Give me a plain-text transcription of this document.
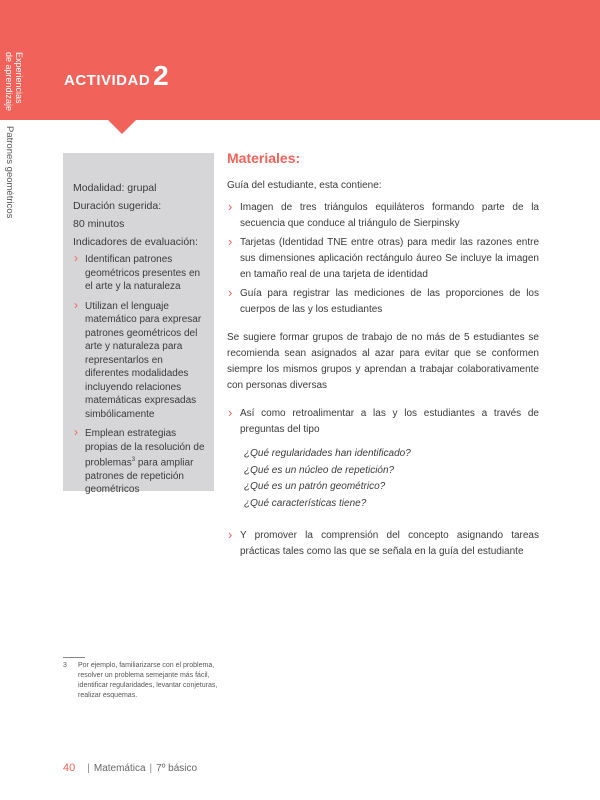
ACTIVIDAD 2
Experiencias
de aprendizaje
Patrones geométricos	Modalidad: grupal

Duración sugerida:

80 minutos

Indicadores de evaluación:

› Identifican patrones geométricos presentes en el arte y la naturaleza
› Utilizan el lenguaje matemático para expresar patrones geométricos del arte y naturaleza para representarlos en diferentes modalidades incluyendo relaciones matemáticas expresadas simbólicamente
› Emplean estrategias propias de la resolución de problemas$^3$ para ampliar patrones de repetición geométricos
Materiales:

Guía del estudiante, esta contiene:

› Imagen de tres triángulos equiláteros formando parte de la secuencia que conduce al triángulo de Sierpinsky
› Tarjetas (Identidad TNE entre otras) para medir las razones entre sus dimensiones aplicación rectángulo áureo Se incluye la imagen en tamaño real de una tarjeta de identidad
› Guía para registrar las mediciones de las proporciones de los cuerpos de las y los estudiantes

Se sugiere formar grupos de trabajo de no más de 5 estudiantes se recomienda sean asignados al azar para evitar que se conformen siempre los mismos grupos y aprendan a trabajar colaborativamente con personas diversas

› Así como retroalimentar a las y los estudiantes a través de preguntas del tipo
¿Qué regularidades han identificado?
¿Qué es un núcleo de repetición?
¿Qué es un patrón geométrico?
¿Qué características tiene?
› Y promover la comprensión del concepto asignando tareas prácticas tales como las que se señala en la guía del estudiante
3 Por ejemplo, familiarizarse con el problema, resolver un problema semejante más fácil, identificar regularidades, levantar conjeturas, realizar esquemas.
40 | Matemática | 7º básico
